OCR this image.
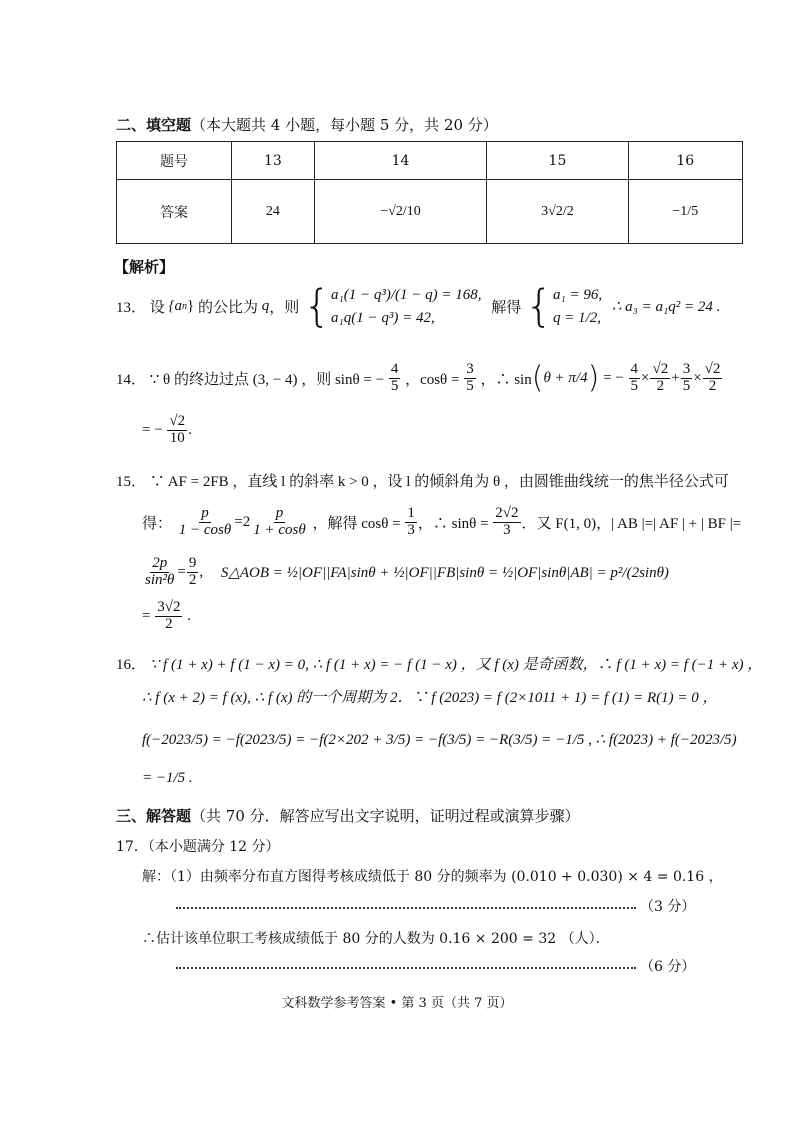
二、填空题（本大题共 4 小题，每小题 5 分，共 20 分）
题号	13	14	15	16
答案	24	−√2/10	3√2/2	−1/5
【解析】
13． 设 {an} 的公比为 q，则 { a₁(1 − q³)/(1 − q) = 168,
a₁q(1 − q³) = 42,
解得 { a₁ = 96,
q = 1/2,
∴ a₃ = a₁q² = 24 .
14． ∵ θ 的终边过点 (3, − 4) ，则 sinθ = − $\frac{4}{5}$ ，$\cos\theta = \frac{3}{5}$ ，∴ sin(θ + π/4) = − $\frac{4}{5} \times \frac{√2}{2} + \frac{3}{5} \times \frac{√2}{2}$
= − $\frac{√2}{10}$ .
15． ∵ AF = 2FB ，直线 l 的斜率 k > 0 ，设 l 的倾斜角为 θ ，由圆锥曲线统一的焦半径公式可
得： $\frac{p}{1 - \cos\theta} =2 \frac{p}{1 + \cos\theta}$ ，解得 $\cos\theta = \frac{1}{3}$ ，∴ $\sin\theta = \frac{2√2}{3}$ ．又 F(1, 0)，| AB |=| AF | + | BF |=
$\frac{2p}{\text{sin²θ}} = \frac{9}{2}$ , S△AOB = ½|OF||FA|sinθ + ½|OF||FB|sinθ = ½|OF|sinθ|AB| = p²/(2sinθ)
= $\frac{3√2}{2}$ .
16． ∵ f (1 + x) + f (1 − x) = 0, ∴ f (1 + x) = − f (1 − x) ，又 f (x) 是奇函数，∴ f (1 + x) = f (−1 + x) ，
∴ f (x + 2) = f (x), ∴ f (x) 的一个周期为 2．∵ f (2023) = f (2×1011 + 1) = f (1) = R(1) = 0 ，
f(−2023/5) = −f(2023/5) = −f(2×202 + 3/5) = −f(3/5) = −R(3/5) = −1/5 , ∴ f(2023) + f(−2023/5)
= −1/5 .
三、解答题（共 70 分．解答应写出文字说明，证明过程或演算步骤）
17．（本小题满分 12 分）
解：（1）由频率分布直方图得考核成绩低于 80 分的频率为 (0.010 + 0.030) × 4 = 0.16 ，
（3 分）
∴估计该单位职工考核成绩低于 80 分的人数为 0.16 × 200 = 32 （人）．
（6 分）
文科数学参考答案 • 第 3 页（共 7 页）
